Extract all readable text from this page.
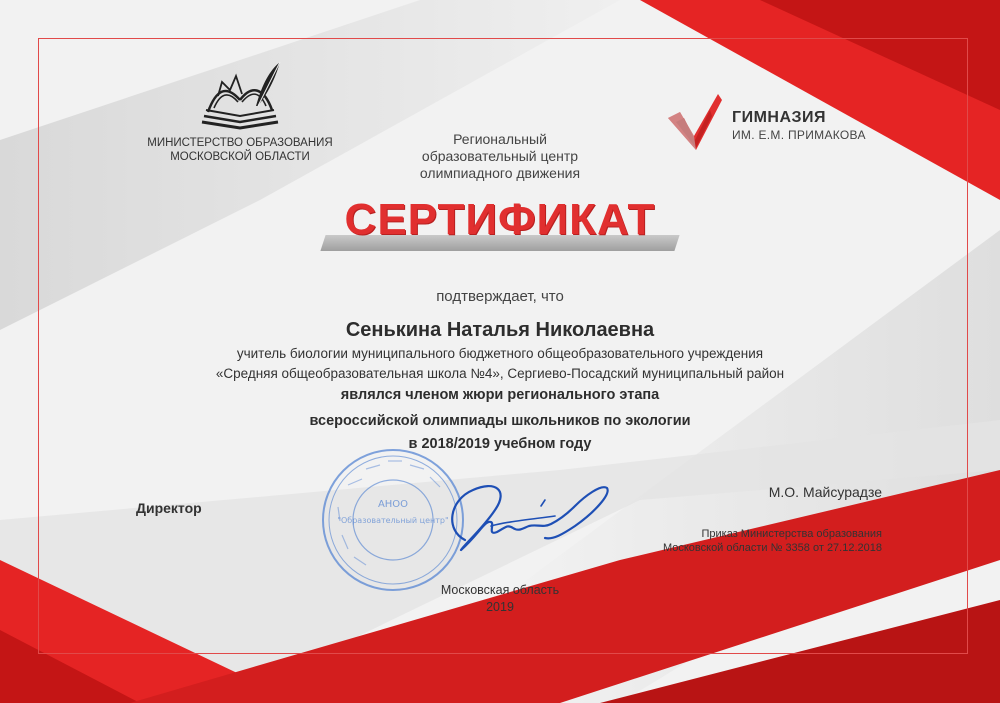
МИНИСТЕРСТВО ОБРАЗОВАНИЯ
МОСКОВСКОЙ ОБЛАСТИ
Региональный
образовательный центр
олимпиадного движения
ГИМНАЗИЯ
ИМ. Е.М. ПРИМАКОВА
СЕРТИФИКАТ
подтверждает, что
Сенькина Наталья Николаевна
учитель биологии муниципального бюджетного общеобразовательного учреждения
«Средняя общеобразовательная школа №4», Сергиево-Посадский муниципальный район
являлся членом жюри регионального этапа
всероссийской олимпиады школьников по экологии
в 2018/2019 учебном году
Директор
М.О. Майсурадзе
Приказ Министерства образования
Московской области № 3358 от 27.12.2018
АНОО
"Образовательный центр"
Московская область
2019
